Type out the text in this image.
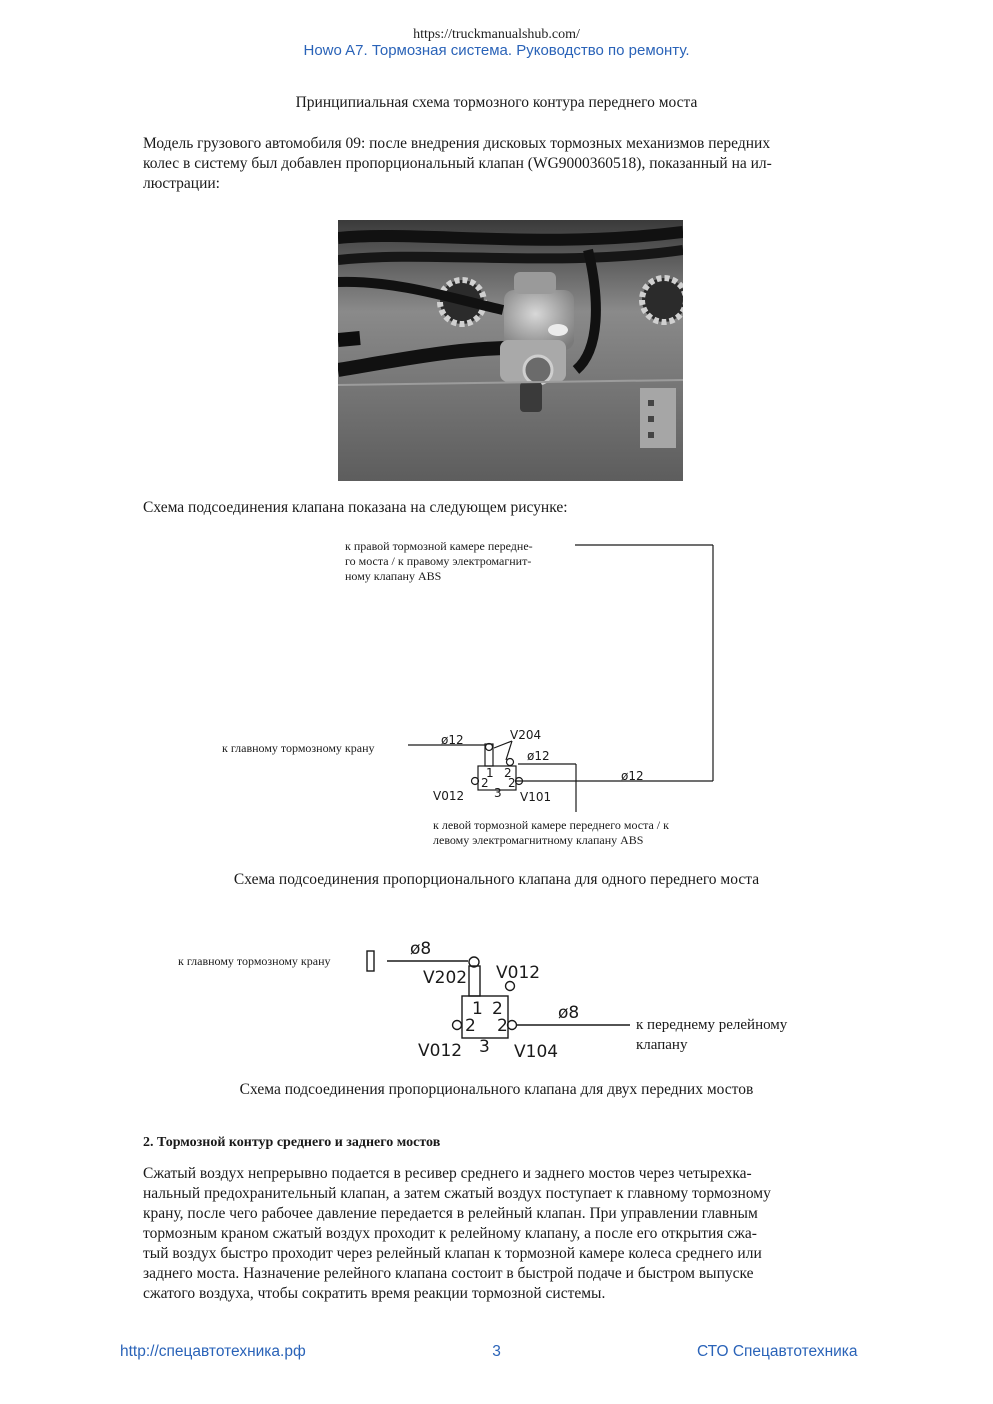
https://truckmanualshub.com/
Howo A7. Тормозная система. Руководство по ремонту.
Принципиальная схема тормозного контура переднего моста
Модель грузового автомобиля 09: после внедрения дисковых тормозных механизмов передних
колес в систему был добавлен пропорциональный клапан (WG9000360518), показанный на ил-
люстрации:
Схема подсоединения клапана показана на следующем рисунке:
к правой тормозной камере передне-
го моста / к правому электромагнит-
ному клапану ABS
к главному тормозному крану
к левой тормозной камере переднего моста / к
левому электромагнитному клапану ABS
ø12	V204
ø12
ø12
1 2
2 2
3
V012	V101
Схема подсоединения пропорционального клапана для одного переднего моста
к главному тормозному крану
к переднему релейному
клапану
ø8
V202 V012
1 2
2 2
ø8
V012 3 V104
Схема подсоединения пропорционального клапана для двух передних мостов
2. Тормозной контур среднего и заднего мостов
Сжатый воздух непрерывно подается в ресивер среднего и заднего мостов через четырехка-
нальный предохранительный клапан, а затем сжатый воздух поступает к главному тормозному
крану, после чего рабочее давление передается в релейный клапан. При управлении главным
тормозным краном сжатый воздух проходит к релейному клапану, а после его открытия сжа-
тый воздух быстро проходит через релейный клапан к тормозной камере колеса среднего или
заднего моста. Назначение релейного клапана состоит в быстрой подаче и быстром выпуске
сжатого воздуха, чтобы сократить время реакции тормозной системы.
http://спецавтотехника.рф	3	СТО Спецавтотехника
